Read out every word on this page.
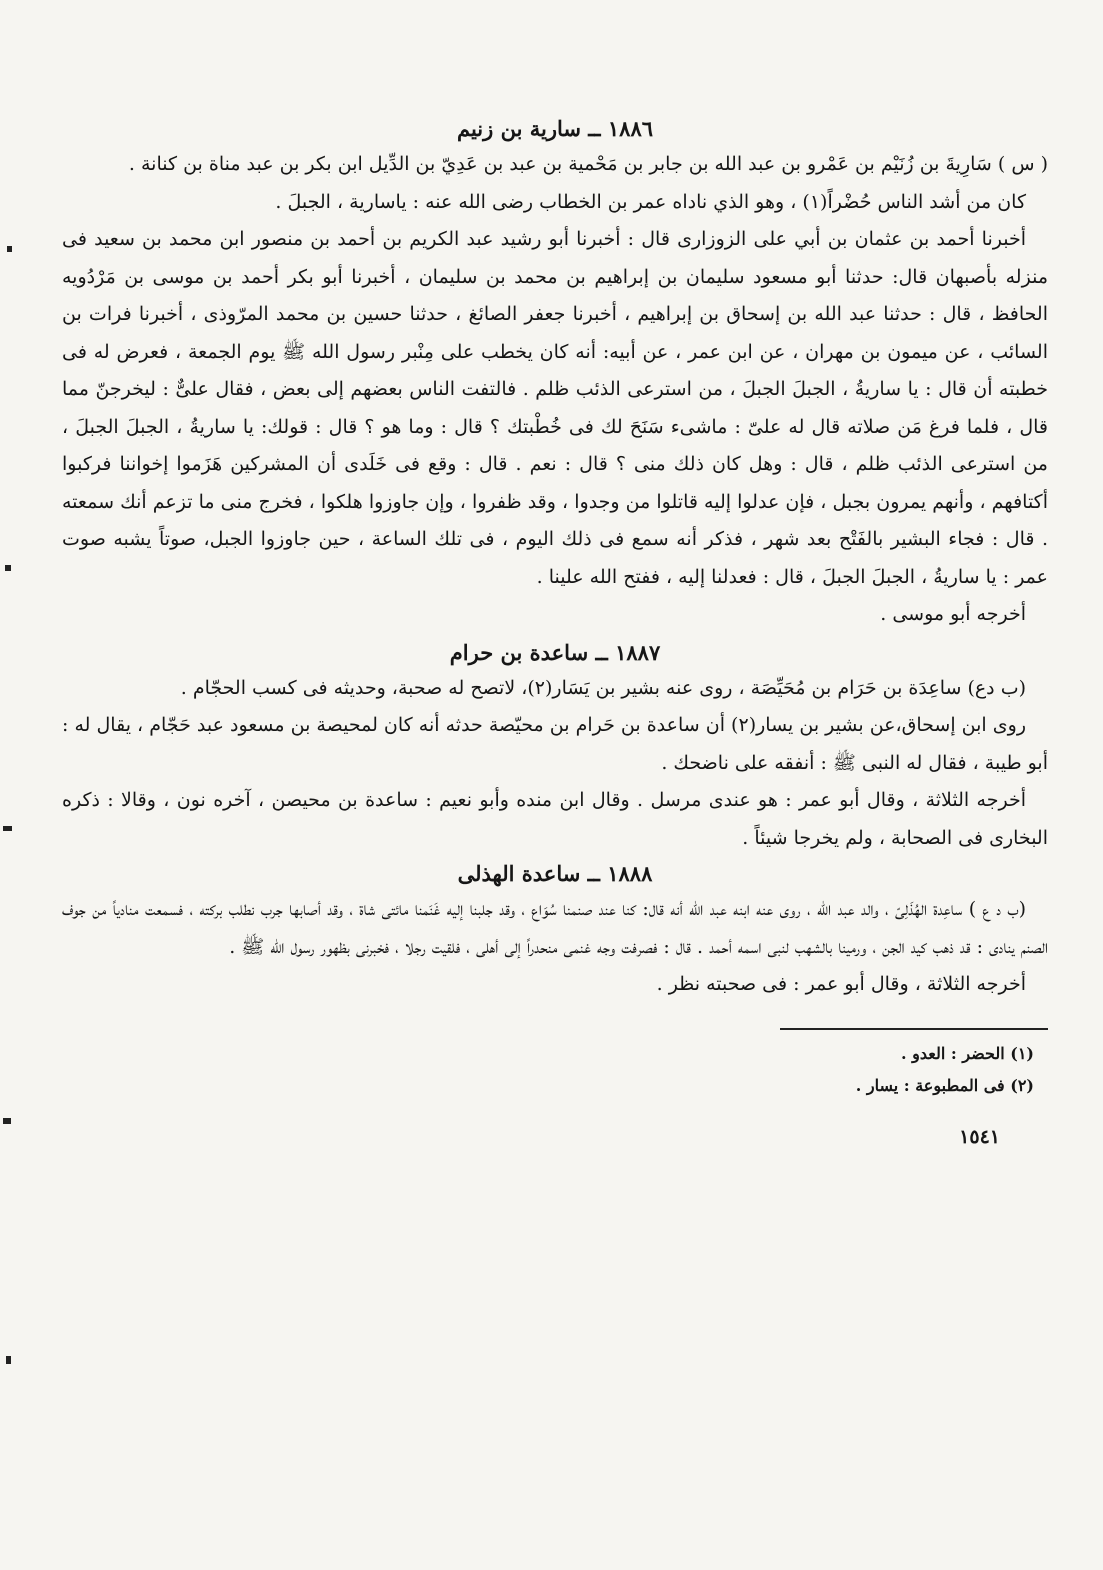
١٨٨٦ ــ سارية بن زنيم

( س ) سَارِيةَ بن زُنَيْم بن عَمْرو بن عبد الله بن جابر بن مَحْمية بن عبد بن عَدِيّ بن الدِّيل ابن بكر بن عبد مناة بن كنانة .

كان من أشد الناس حُضْراً(١) ، وهو الذي ناداه عمر بن الخطاب رضى الله عنه : ياسارية ، الجبلَ .

أخبرنا أحمد بن عثمان بن أبي على الزوزارى قال : أخبرنا أبو رشيد عبد الكريم بن أحمد بن منصور ابن محمد بن سعيد فى منزله بأصبهان قال: حدثنا أبو مسعود سليمان بن إبراهيم بن محمد بن سليمان ، أخبرنا أبو بكر أحمد بن موسى بن مَرْدُويه الحافظ ، قال : حدثنا عبد الله بن إسحاق بن إبراهيم ، أخبرنا جعفر الصائغ ، حدثنا حسين بن محمد المرّوذى ، أخبرنا فرات بن السائب ، عن ميمون بن مهران ، عن ابن عمر ، عن أبيه: أنه كان يخطب على مِنْبر رسول الله ﷺ يوم الجمعة ، فعرض له فى خطبته أن قال : يا ساريةُ ، الجبلَ الجبلَ ، من استرعى الذئب ظلم . فالتفت الناس بعضهم إلى بعض ، فقال علىٌّ : ليخرجنّ مما قال ، فلما فرغ مَن صلاته قال له علىّ : ماشىء سَنَحَ لك فى خُطْبتك ؟ قال : وما هو ؟ قال : قولك: يا ساريةُ ، الجبلَ الجبلَ ، من استرعى الذئب ظلم ، قال : وهل كان ذلك منى ؟ قال : نعم . قال : وقع فى خَلَدى أن المشركين هَزَموا إخواننا فركبوا أكتافهم ، وأنهم يمرون بجبل ، فإن عدلوا إليه قاتلوا من وجدوا ، وقد ظفروا ، وإن جاوزوا هلكوا ، فخرج منى ما تزعم أنك سمعته . قال : فجاء البشير بالفَتْح بعد شهر ، فذكر أنه سمع فى ذلك اليوم ، فى تلك الساعة ، حين جاوزوا الجبل، صوتاً يشبه صوت عمر : يا ساريةُ ، الجبلَ الجبلَ ، قال : فعدلنا إليه ، ففتح الله علينا .

أخرجه أبو موسى .

١٨٨٧ ــ ساعدة بن حرام

(ب دع) ساعِدَة بن حَرَام بن مُحَيِّصَة ، روى عنه بشير بن يَسَار(٢)، لاتصح له صحبة، وحديثه فى كسب الحجّام .

روى ابن إسحاق،عن بشير بن يسار(٢) أن ساعدة بن حَرام بن محيّصة حدثه أنه كان لمحيصة بن مسعود عبد حَجّام ، يقال له : أبو طيبة ، فقال له النبى ﷺ : أنفقه على ناضحك .

أخرجه الثلاثة ، وقال أبو عمر : هو عندى مرسل . وقال ابن منده وأبو نعيم : ساعدة بن محيصن ، آخره نون ، وقالا : ذكره البخارى فى الصحابة ، ولم يخرجا شيئاً .

١٨٨٨ ــ ساعدة الهذلى

(ب د ع ) ساعِدة الهُذَلِىّ ، والد عبد الله ، روى عنه ابنه عبد الله أنه قال: كنا عند صنمنا سُوَاع ، وقد جلبنا إليه غَنَمنا مائتى شاة ، وقد أصابها جرب نطلب بركته ، فسمعت منادياً من جوف الصنم ينادى : قد ذهب كيد الجن ، ورمينا بالشهب لنبى اسمه أحمد . قال : فصرفت وجه غنمى منحدراً إلى أهلى ، فلقيت رجلا ، فخبرنى بظهور رسول الله ﷺ .

أخرجه الثلاثة ، وقال أبو عمر : فى صحبته نظر .

(١) الحضر : العدو .

(٢) فى المطبوعة : يسار .

١٥٤١
